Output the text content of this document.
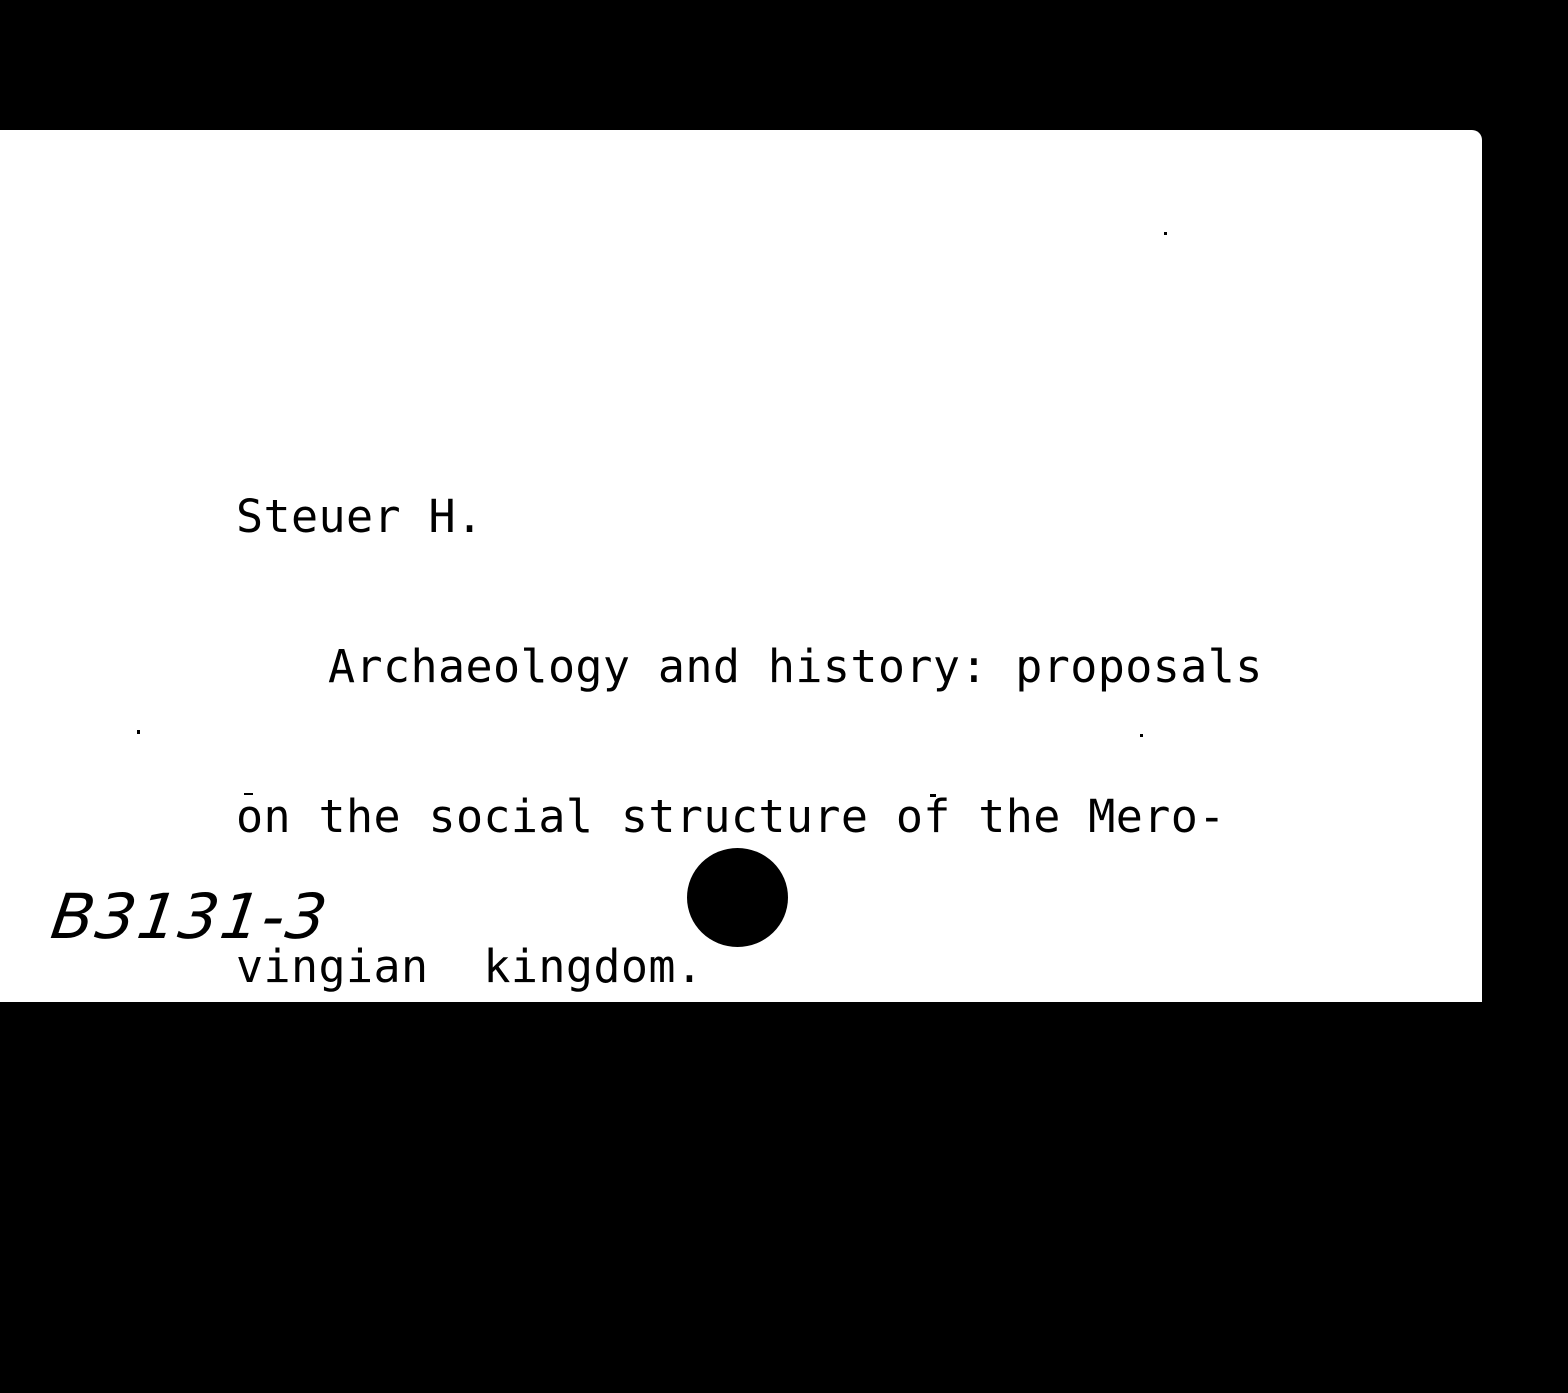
Steuer H.

Archaeology and history: proposals

on the social structure of the Mero-

vingian  kingdom.

B kn.: The birth of Europe. Roma,

1989,c.100-122.

B3131-3
